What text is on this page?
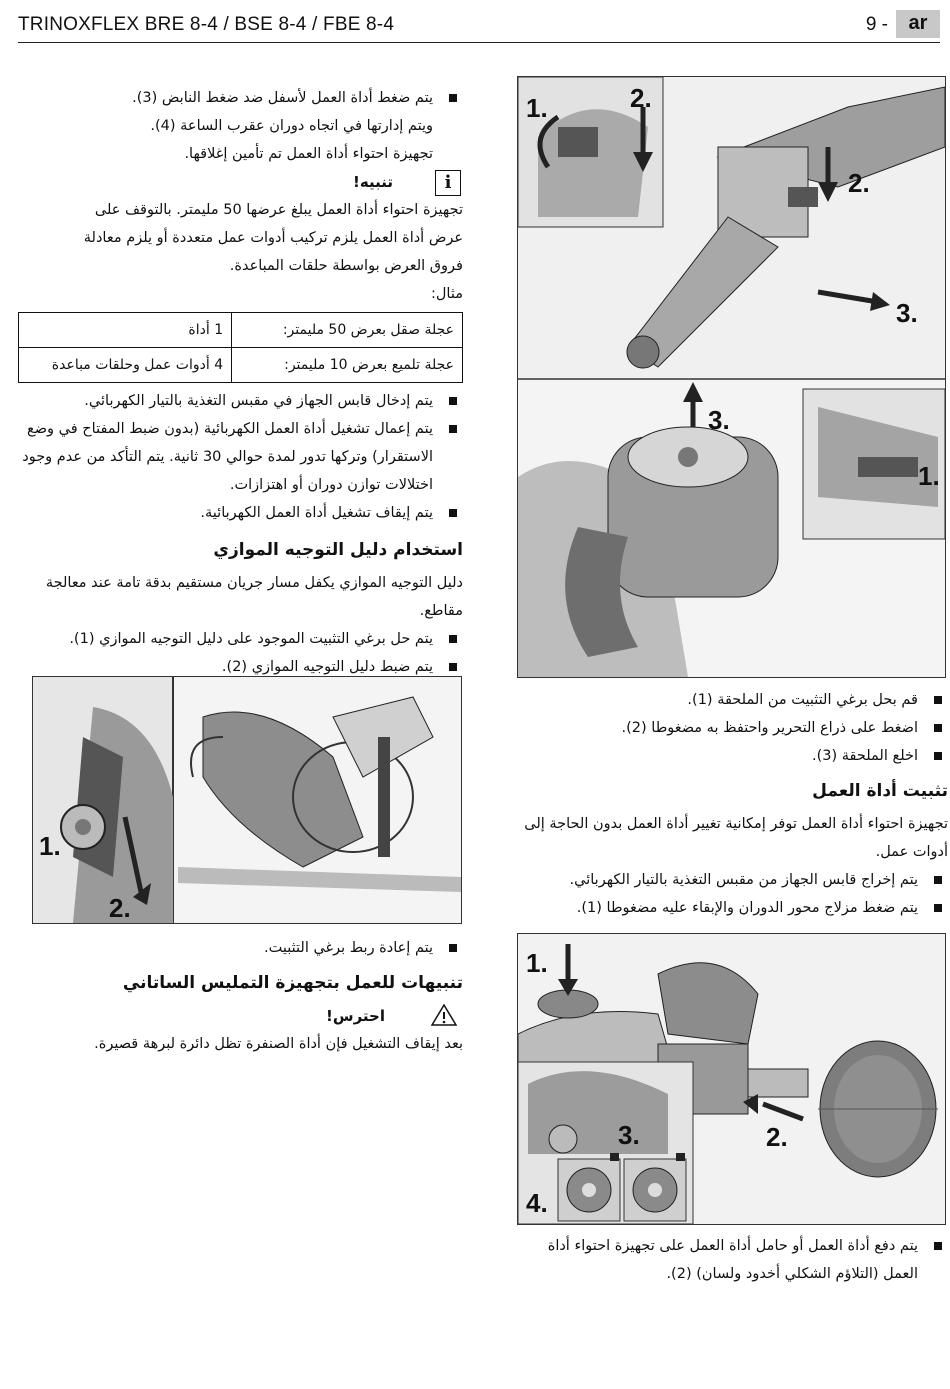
TRINOXFLEX BRE 8-4 / BSE 8-4 / FBE 8-4	9 -	ar

يتم ضغط أداة العمل لأسفل ضد ضغط النابض (3).

ويتم إدارتها في اتجاه دوران عقرب الساعة (4).

تجهيزة احتواء أداة العمل تم تأمين إغلاقها.

i
تنبيه!

تجهيزة احتواء أداة العمل يبلغ عرضها 50 مليمتر. بالتوقف على

عرض أداة العمل يلزم تركيب أدوات عمل متعددة أو يلزم معادلة

فروق العرض بواسطة حلقات المباعدة.

مثال:

عجلة صقل بعرض 50 مليمتر:	1 أداة
عجلة تلميع بعرض 10 مليمتر:	4 أدوات عمل وحلقات مباعدة

يتم إدخال قابس الجهاز في مقبس التغذية بالتيار الكهربائي.

يتم إعمال تشغيل أداة العمل الكهربائية (بدون ضبط المفتاح في وضع الاستقرار) وتركها تدور لمدة حوالي 30 ثانية. يتم التأكد من عدم وجود اختلالات توازن دوران أو اهتزازات.

يتم إيقاف تشغيل أداة العمل الكهربائية.

استخدام دليل التوجيه الموازي

دليل التوجيه الموازي يكفل مسار جريان مستقيم بدقة تامة عند معالجة مقاطع.

يتم حل برغي التثبيت الموجود على دليل التوجيه الموازي (1).

يتم ضبط دليل التوجيه الموازي (2).

1.
2.

يتم إعادة ربط برغي التثبيت.

تنبيهات للعمل بتجهيزة التمليس الساتاني

احترس!

بعد إيقاف التشغيل فإن أداة الصنفرة تظل دائرة لبرهة قصيرة.

1.	2.
2.
3.
3.
1.

قم بحل برغي التثبيت من الملحقة (1).

اضغط على ذراع التحرير واحتفظ به مضغوطا (2).

اخلع الملحقة (3).

تثبيت أداة العمل

تجهيزة احتواء أداة العمل توفر إمكانية تغيير أداة العمل بدون الحاجة إلى أدوات عمل.

يتم إخراج قابس الجهاز من مقبس التغذية بالتيار الكهربائي.

يتم ضغط مزلاج محور الدوران والإبقاء عليه مضغوطا (1).

1.
2.
3.
4.

يتم دفع أداة العمل أو حامل أداة العمل على تجهيزة احتواء أداة العمل (التلاؤم الشكلي أخدود ولسان) (2).
